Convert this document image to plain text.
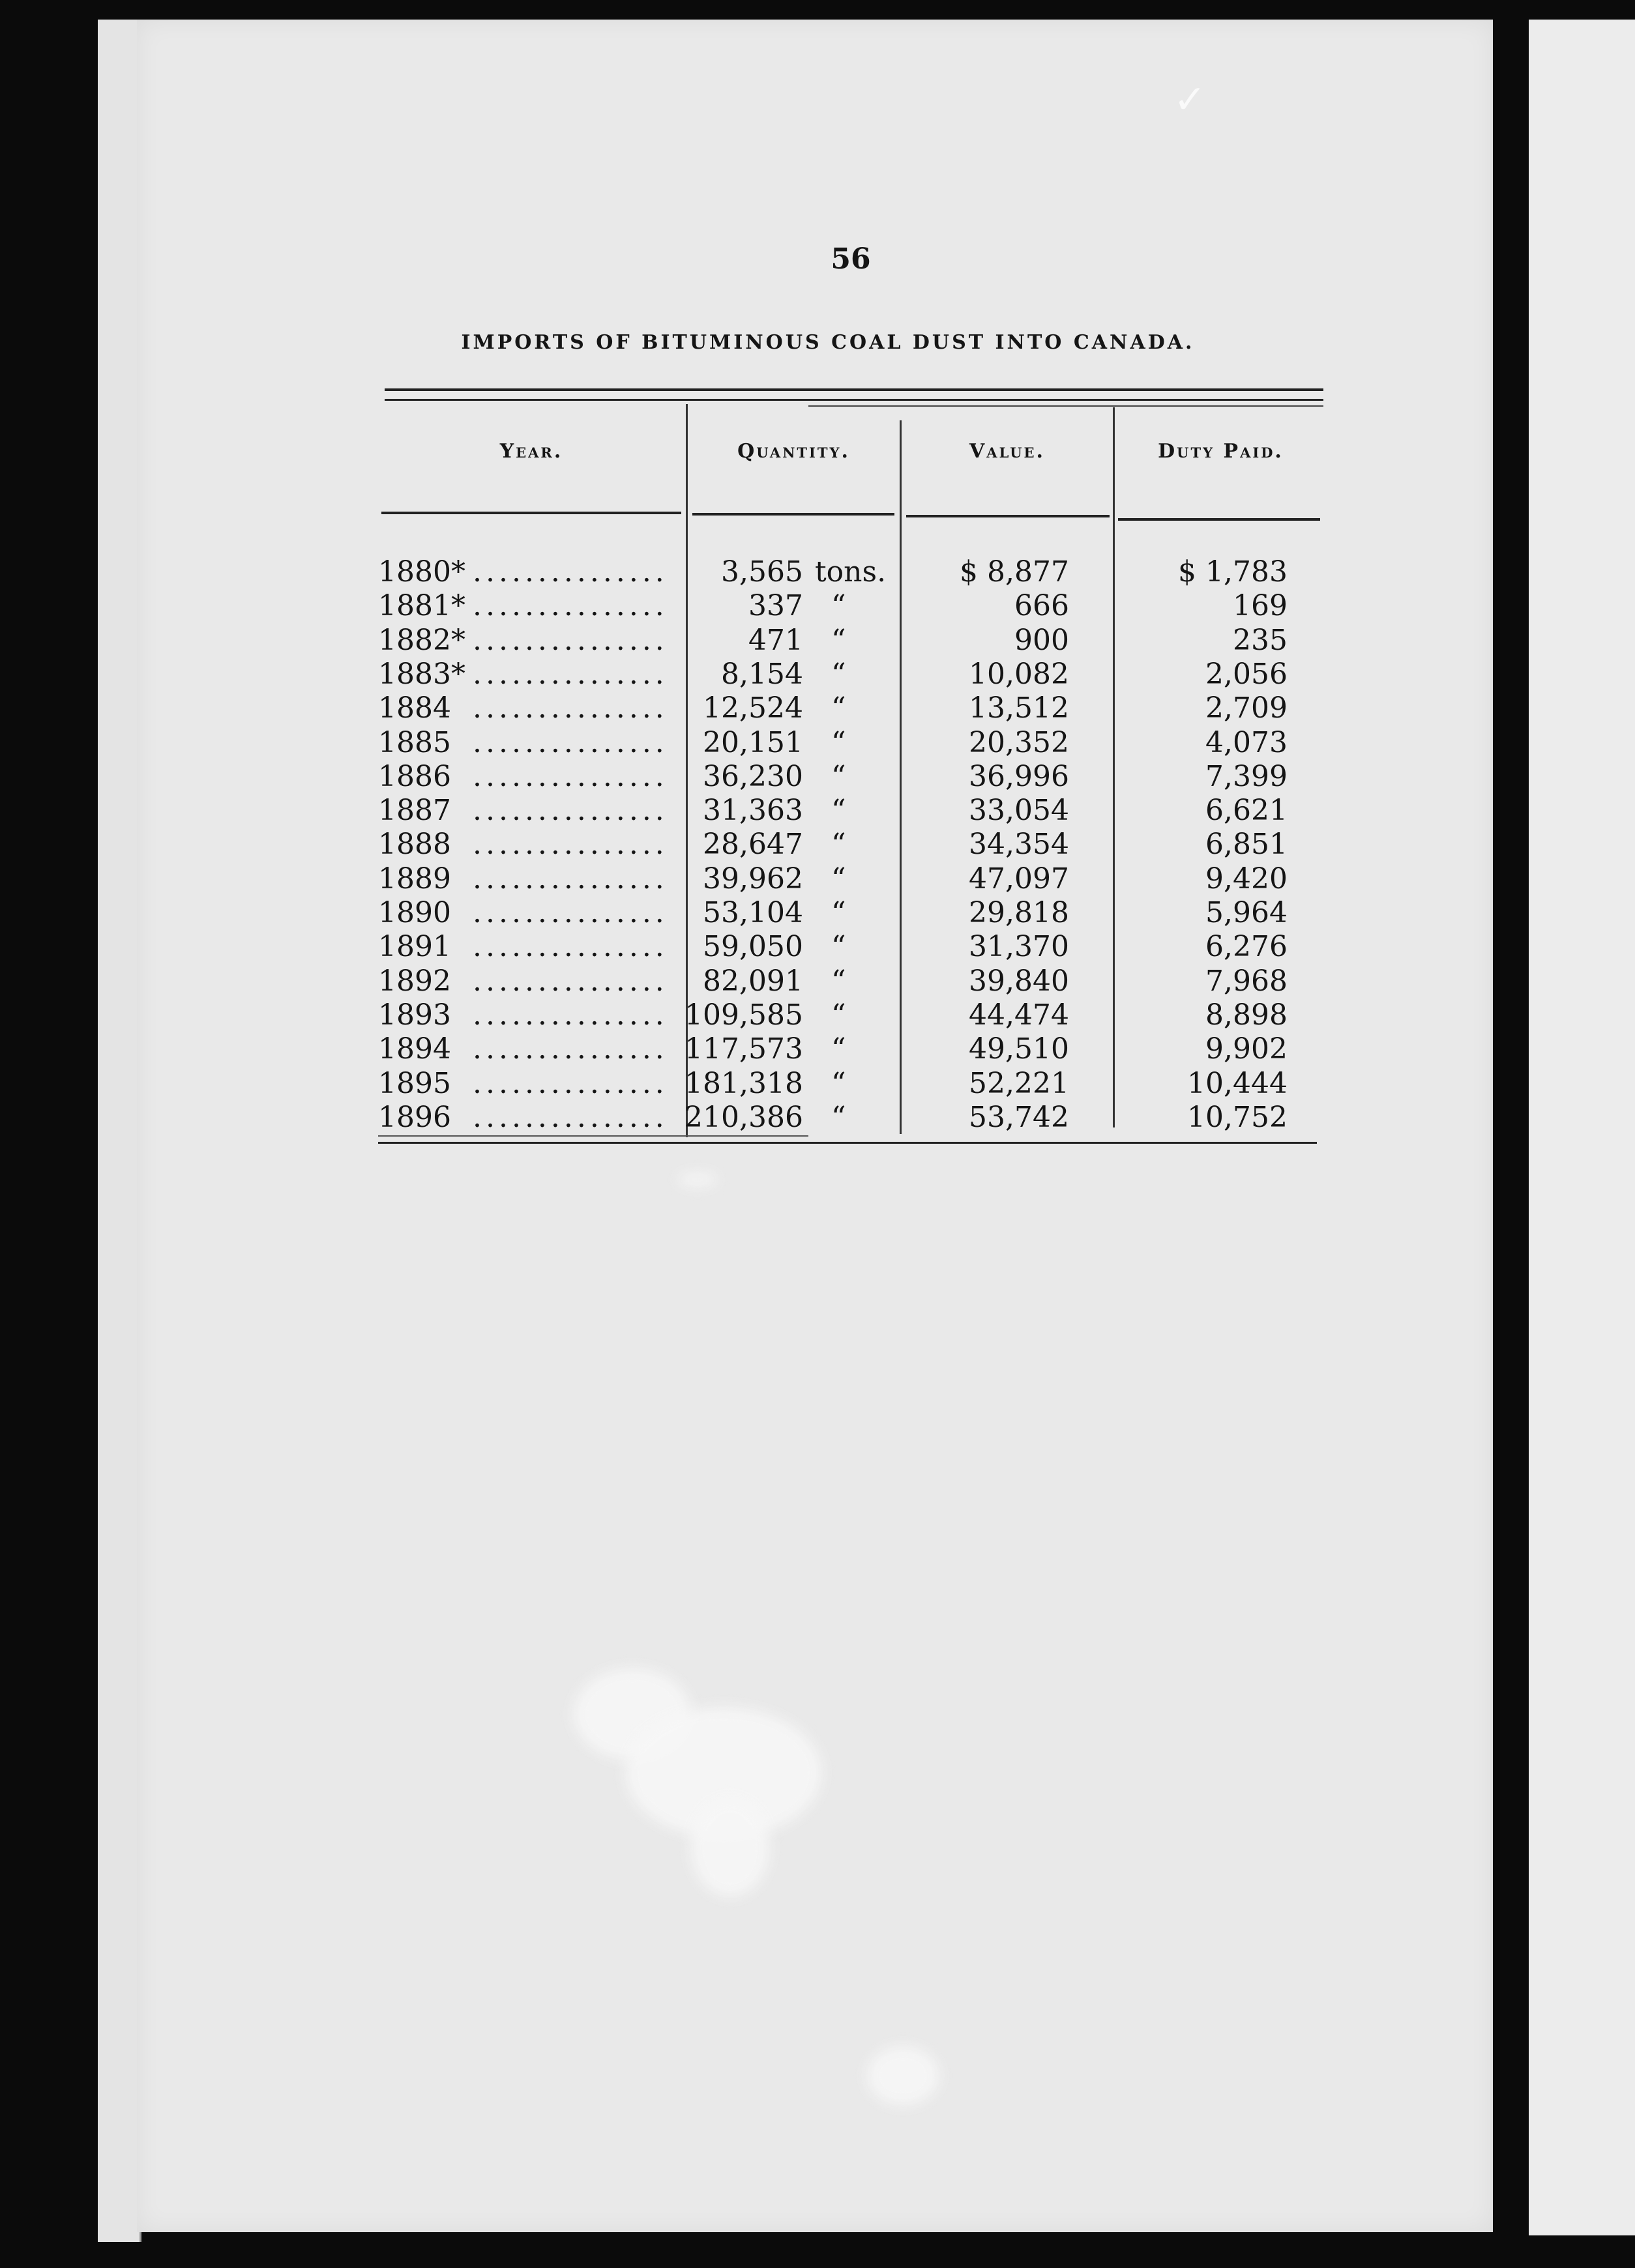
✓
56
IMPORTS OF BITUMINOUS COAL DUST INTO CANADA.
Year.	Quantity.	Value.	Duty Paid.
1880* ...............	3,565 tons.	$ 8,877	$ 1,783
1881* ...............	337 “	666	169
1882* ...............	471 “	900	235
1883* ...............	8,154 “	10,082	2,056
1884 ...............	12,524 “	13,512	2,709
1885 ...............	20,151 “	20,352	4,073
1886 ...............	36,230 “	36,996	7,399
1887 ...............	31,363 “	33,054	6,621
1888 ...............	28,647 “	34,354	6,851
1889 ...............	39,962 “	47,097	9,420
1890 ...............	53,104 “	29,818	5,964
1891 ...............	59,050 “	31,370	6,276
1892 ...............	82,091 “	39,840	7,968
1893 ............... 109,585 “	44,474	8,898
1894 ............... 117,573 “	49,510	9,902
1895 ............... 181,318 “	52,221	10,444
1896 ............... 210,386 “	53,742	10,752
